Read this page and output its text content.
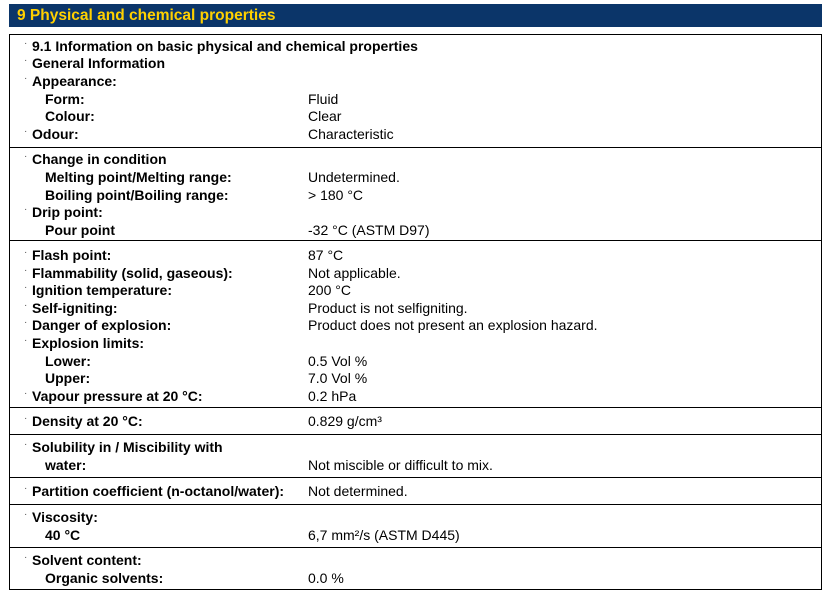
9 Physical and chemical properties
· 9.1 Information on basic physical and chemical properties
· General Information
· Appearance:
Form:	Fluid
Colour:	Clear
· Odour:	Characteristic
· Change in condition
Melting point/Melting range:	Undetermined.
Boiling point/Boiling range:	> 180 °C
· Drip point:
Pour point	-32 °C (ASTM D97)
· Flash point:	87 °C
· Flammability (solid, gaseous):	Not applicable.
· Ignition temperature:	200 °C
· Self-igniting:	Product is not selfigniting.
· Danger of explosion:	Product does not present an explosion hazard.
· Explosion limits:
Lower:	0.5 Vol %
Upper:	7.0 Vol %
· Vapour pressure at 20 °C:	0.2 hPa
· Density at 20 °C:	0.829 g/cm³
· Solubility in / Miscibility with
water:	Not miscible or difficult to mix.
· Partition coefficient (n-octanol/water): Not determined.
· Viscosity:
40 °C	6,7 mm²/s (ASTM D445)
· Solvent content:
Organic solvents:	0.0 %
